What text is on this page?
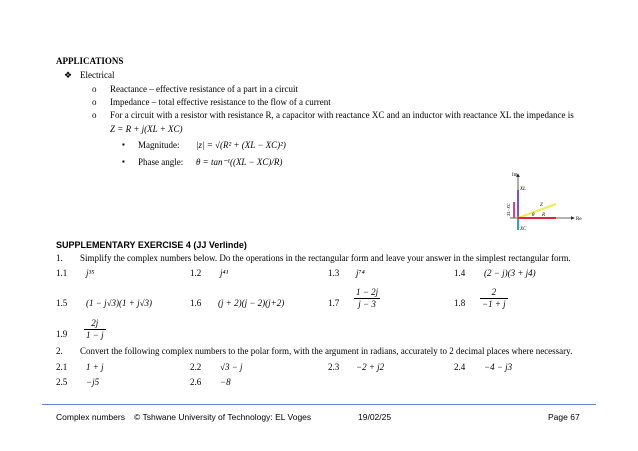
APPLICATIONS
❖ Electrical
o Reactance – effective resistance of a part in a circuit
o Impedance – total effective resistance to the flow of a current
o For a circuit with a resistor with resistance R, a capacitor with reactance XC and an inductor with reactance XL the impedance is
Z = R + j(XL + XC)
▪ Magnitude: |z| = √(R² + (XL − XC)²)
▪ Phase angle: θ = tan⁻¹((XL − XC)/R)
Im
Re
XL
XC
Z
R
θ
XL−XC
SUPPLEMENTARY EXERCISE 4 (JJ Verlinde)
1. Simplify the complex numbers below. Do the operations in the rectangular form and leave your answer in the simplest rectangular form.
1.1 j³⁵	1.2 j⁴¹	1.3 j⁷⁴	1.4 (2 − j)(3 + j4)
1.5 (1 − j√3)(1 + j√3)	1.6 (j + 2)(j − 2)(j+2)	$1.7 \frac{1 - 2j}{j - 3}$	$1.8 \frac{2}{-1 + j}$
$1.9 \frac{2j}{1 - j}$
2. Convert the following complex numbers to the polar form, with the argument in radians, accurately to 2 decimal places where necessary.
2.1 1 + j	2.2 √3 − j	2.3 −2 + j2	2.4 −4 − j3
2.5 −j5	2.6 −8
Complex numbers © Tshwane University of Technology: EL Voges	19/02/25	Page 67
